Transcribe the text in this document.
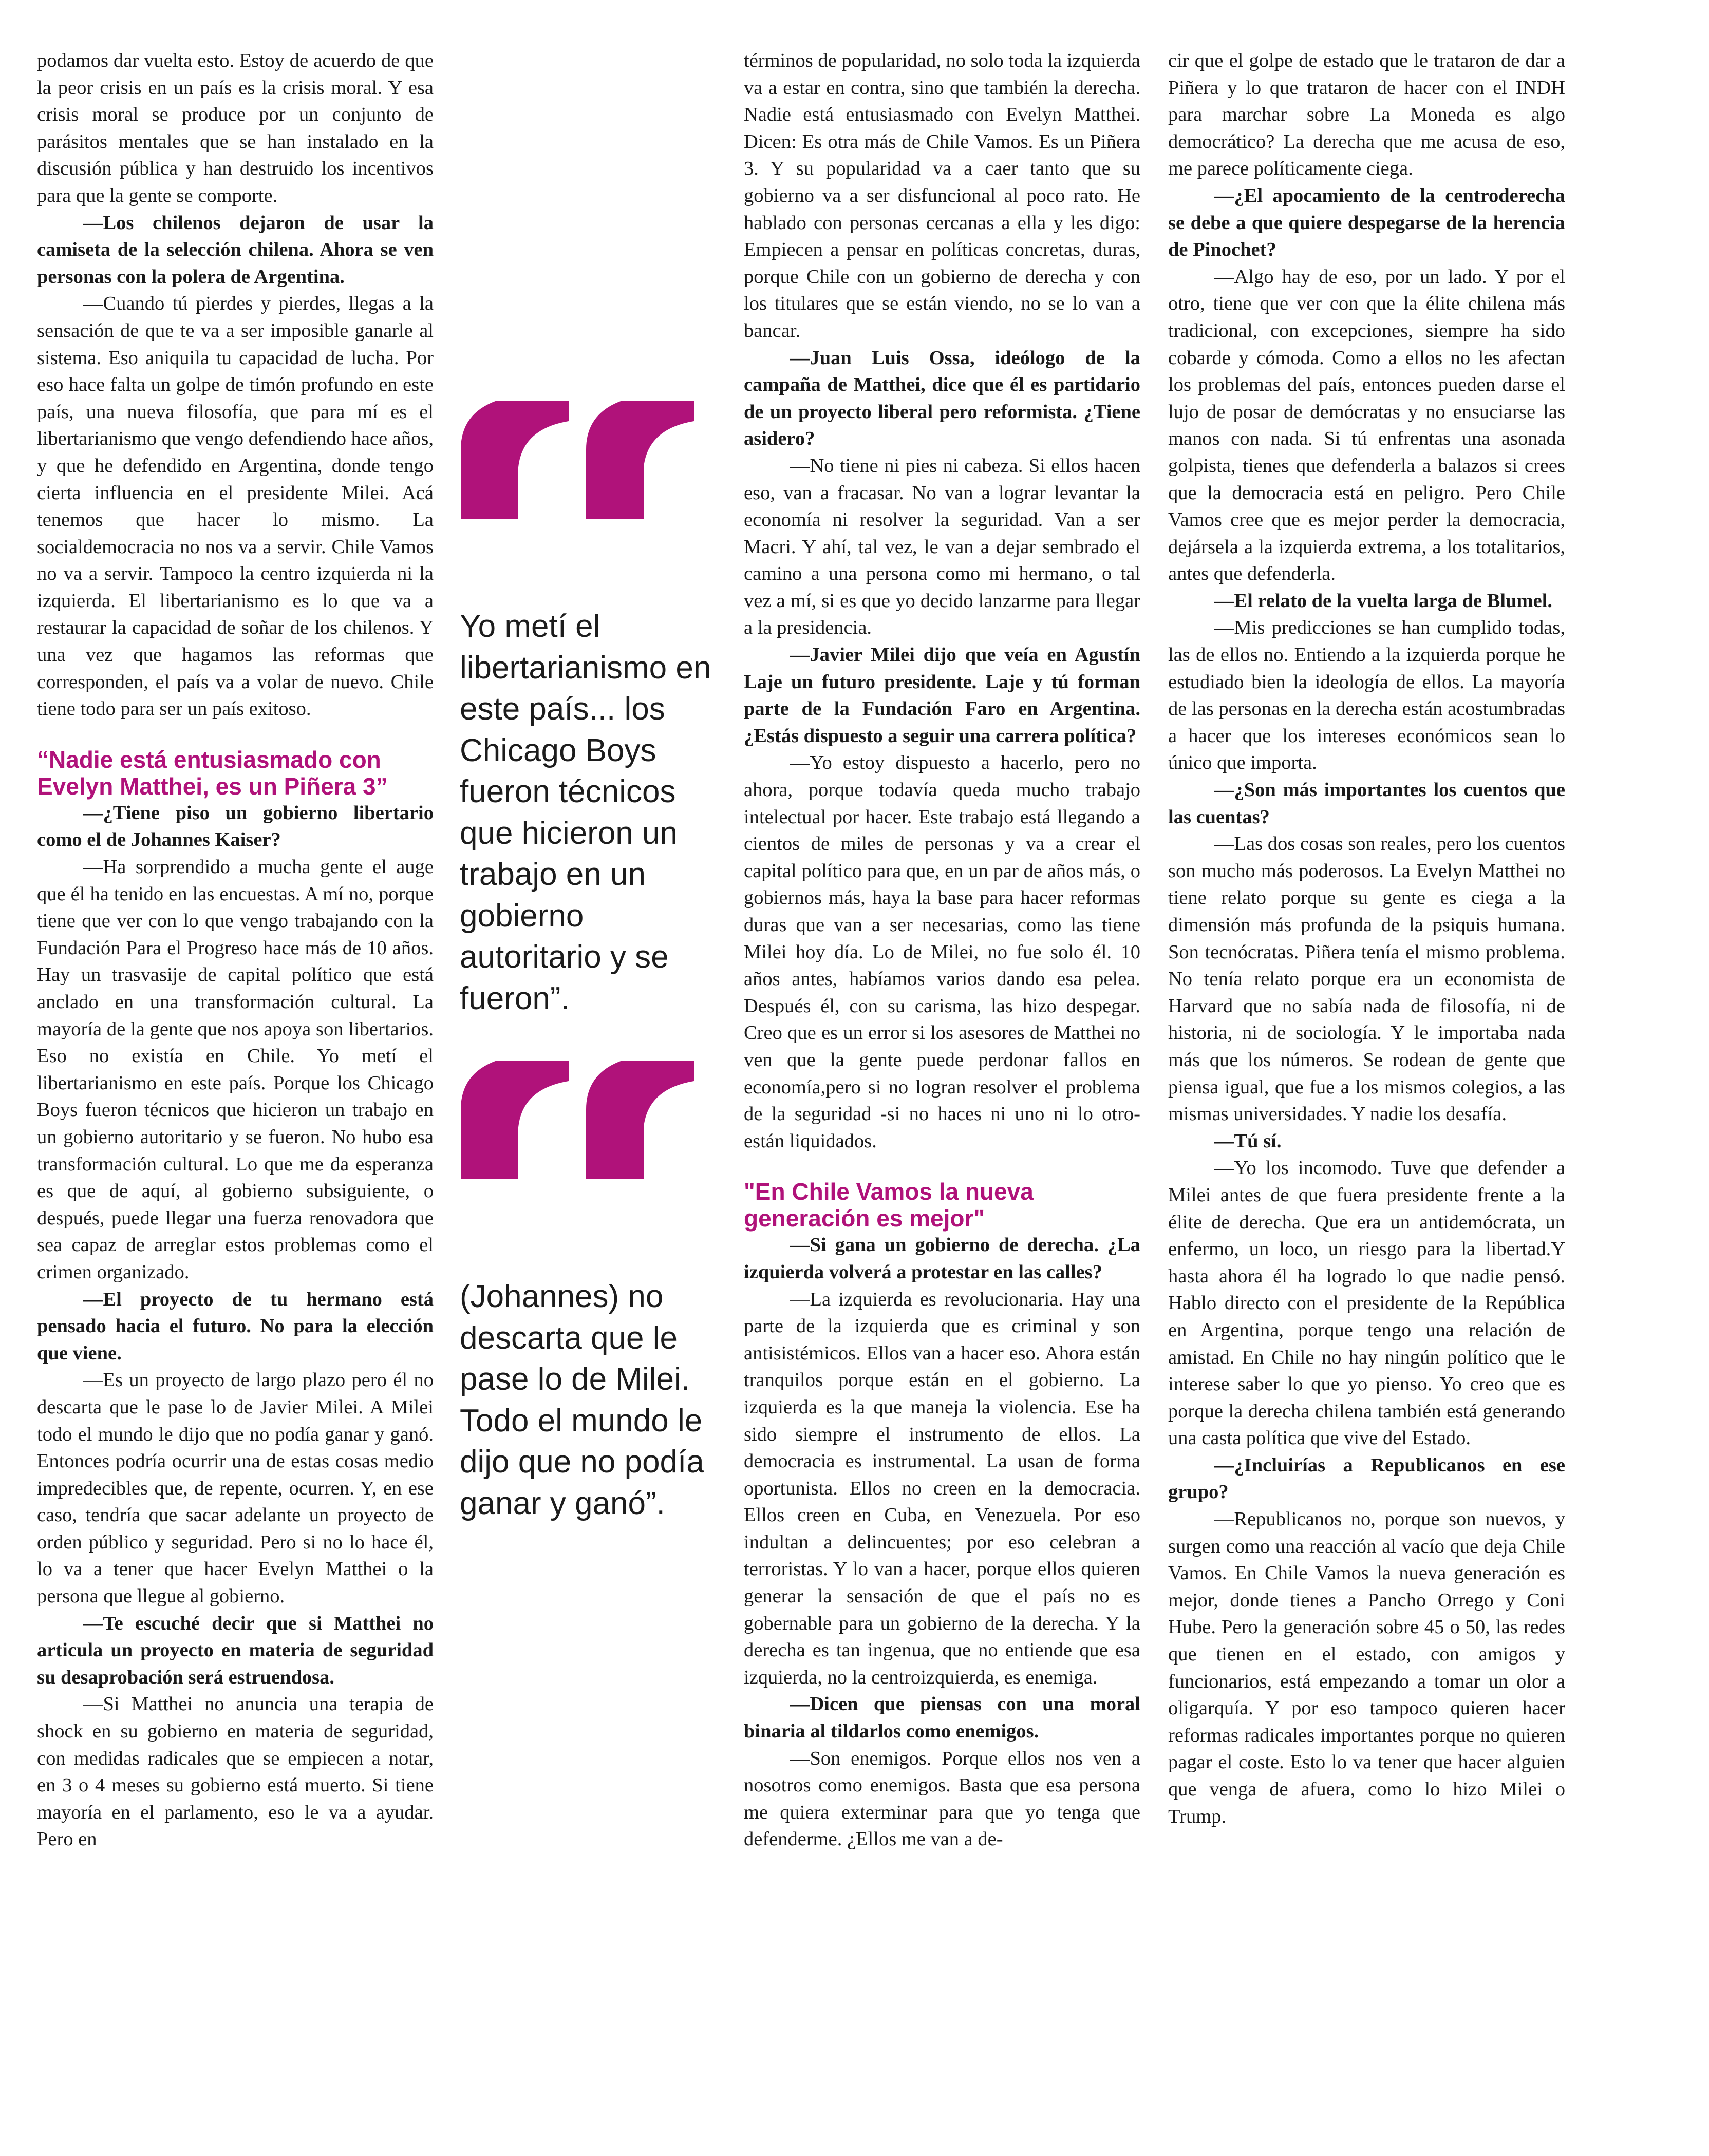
podamos dar vuelta esto. Estoy de acuerdo de que la peor crisis en un país es la crisis moral. Y esa crisis moral se produce por un conjunto de parásitos mentales que se han instalado en la discusión pública y han destruido los incentivos para que la gente se comporte.

—Los chilenos dejaron de usar la camiseta de la selección chilena. Ahora se ven personas con la polera de Argentina.

—Cuando tú pierdes y pierdes, llegas a la sensación de que te va a ser imposible ganarle al sistema. Eso aniquila tu capacidad de lucha. Por eso hace falta un golpe de timón profundo en este país, una nueva filosofía, que para mí es el libertarianismo que vengo defendiendo hace años, y que he defendido en Argentina, donde tengo cierta influencia en el presidente Milei. Acá tenemos que hacer lo mismo. La socialdemocracia no nos va a servir. Chile Vamos no va a servir. Tampoco la centro izquierda ni la izquierda. El libertarianismo es lo que va a restaurar la capacidad de soñar de los chilenos. Y una vez que hagamos las reformas que corresponden, el país va a volar de nuevo. Chile tiene todo para ser un país exitoso.

“Nadie está entusiasmado con Evelyn Matthei, es un Piñera 3”

—¿Tiene piso un gobierno libertario como el de Johannes Kaiser?

—Ha sorprendido a mucha gente el auge que él ha tenido en las encuestas. A mí no, porque tiene que ver con lo que vengo trabajando con la Fundación Para el Progreso hace más de 10 años. Hay un trasvasije de capital político que está anclado en una transformación cultural. La mayoría de la gente que nos apoya son libertarios. Eso no existía en Chile. Yo metí el libertarianismo en este país. Porque los Chicago Boys fueron técnicos que hicieron un trabajo en un gobierno autoritario y se fueron. No hubo esa transformación cultural. Lo que me da esperanza es que de aquí, al gobierno subsiguiente, o después, puede llegar una fuerza renovadora que sea capaz de arreglar estos problemas como el crimen organizado.

—El proyecto de tu hermano está pensado hacia el futuro. No para la elección que viene.

—Es un proyecto de largo plazo pero él no descarta que le pase lo de Javier Milei. A Milei todo el mundo le dijo que no podía ganar y ganó. Entonces podría ocurrir una de estas cosas medio impredecibles que, de repente, ocurren. Y, en ese caso, tendría que sacar adelante un proyecto de orden público y seguridad. Pero si no lo hace él, lo va a tener que hacer Evelyn Matthei o la persona que llegue al gobierno.

—Te escuché decir que si Matthei no articula un proyecto en materia de seguridad su desaprobación será estruendosa.

—Si Matthei no anuncia una terapia de shock en su gobierno en materia de seguridad, con medidas radicales que se empiecen a notar, en 3 o 4 meses su gobierno está muerto. Si tiene mayoría en el parlamento, eso le va a ayudar. Pero en

Yo metí el libertarianismo en este país... los Chicago Boys fueron técnicos que hicieron un trabajo en un gobierno autoritario y se fueron”.

(Johannes) no descarta que le pase lo de Milei. Todo el mundo le dijo que no podía ganar y ganó”.

términos de popularidad, no solo toda la izquierda va a estar en contra, sino que también la derecha. Nadie está entusiasmado con Evelyn Matthei. Dicen: Es otra más de Chile Vamos. Es un Piñera 3. Y su popularidad va a caer tanto que su gobierno va a ser disfuncional al poco rato. He hablado con personas cercanas a ella y les digo: Empiecen a pensar en políticas concretas, duras, porque Chile con un gobierno de derecha y con los titulares que se están viendo, no se lo van a bancar.

—Juan Luis Ossa, ideólogo de la campaña de Matthei, dice que él es partidario de un proyecto liberal pero reformista. ¿Tiene asidero?

—No tiene ni pies ni cabeza. Si ellos hacen eso, van a fracasar. No van a lograr levantar la economía ni resolver la seguridad. Van a ser Macri. Y ahí, tal vez, le van a dejar sembrado el camino a una persona como mi hermano, o tal vez a mí, si es que yo decido lanzarme para llegar a la presidencia.

—Javier Milei dijo que veía en Agustín Laje un futuro presidente. Laje y tú forman parte de la Fundación Faro en Argentina. ¿Estás dispuesto a seguir una carrera política?

—Yo estoy dispuesto a hacerlo, pero no ahora, porque todavía queda mucho trabajo intelectual por hacer. Este trabajo está llegando a cientos de miles de personas y va a crear el capital político para que, en un par de años más, o gobiernos más, haya la base para hacer reformas duras que van a ser necesarias, como las tiene Milei hoy día. Lo de Milei, no fue solo él. 10 años antes, habíamos varios dando esa pelea. Después él, con su carisma, las hizo despegar. Creo que es un error si los asesores de Matthei no ven que la gente puede perdonar fallos en economía,pero si no logran resolver el problema de la seguridad -si no haces ni uno ni lo otro- están liquidados.

"En Chile Vamos la nueva generación es mejor"

—Si gana un gobierno de derecha. ¿La izquierda volverá a protestar en las calles?

—La izquierda es revolucionaria. Hay una parte de la izquierda que es criminal y son antisistémicos. Ellos van a hacer eso. Ahora están tranquilos porque están en el gobierno. La izquierda es la que maneja la violencia. Ese ha sido siempre el instrumento de ellos. La democracia es instrumental. La usan de forma oportunista. Ellos no creen en la democracia. Ellos creen en Cuba, en Venezuela. Por eso indultan a delincuentes; por eso celebran a terroristas. Y lo van a hacer, porque ellos quieren generar la sensación de que el país no es gobernable para un gobierno de la derecha. Y la derecha es tan ingenua, que no entiende que esa izquierda, no la centroizquierda, es enemiga.

—Dicen que piensas con una moral binaria al tildarlos como enemigos.

—Son enemigos. Porque ellos nos ven a nosotros como enemigos. Basta que esa persona me quiera exterminar para que yo tenga que defenderme. ¿Ellos me van a de-

cir que el golpe de estado que le trataron de dar a Piñera y lo que trataron de hacer con el INDH para marchar sobre La Moneda es algo democrático? La derecha que me acusa de eso, me parece políticamente ciega.

—¿El apocamiento de la centroderecha se debe a que quiere despegarse de la herencia de Pinochet?

—Algo hay de eso, por un lado. Y por el otro, tiene que ver con que la élite chilena más tradicional, con excepciones, siempre ha sido cobarde y cómoda. Como a ellos no les afectan los problemas del país, entonces pueden darse el lujo de posar de demócratas y no ensuciarse las manos con nada. Si tú enfrentas una asonada golpista, tienes que defenderla a balazos si crees que la democracia está en peligro. Pero Chile Vamos cree que es mejor perder la democracia, dejársela a la izquierda extrema, a los totalitarios, antes que defenderla.

—El relato de la vuelta larga de Blumel.

—Mis predicciones se han cumplido todas, las de ellos no. Entiendo a la izquierda porque he estudiado bien la ideología de ellos. La mayoría de las personas en la derecha están acostumbradas a hacer que los intereses económicos sean lo único que importa.

—¿Son más importantes los cuentos que las cuentas?

—Las dos cosas son reales, pero los cuentos son mucho más poderosos. La Evelyn Matthei no tiene relato porque su gente es ciega a la dimensión más profunda de la psiquis humana. Son tecnócratas. Piñera tenía el mismo problema. No tenía relato porque era un economista de Harvard que no sabía nada de filosofía, ni de historia, ni de sociología. Y le importaba nada más que los números. Se rodean de gente que piensa igual, que fue a los mismos colegios, a las mismas universidades. Y nadie los desafía.

—Tú sí.

—Yo los incomodo. Tuve que defender a Milei antes de que fuera presidente frente a la élite de derecha. Que era un antidemócrata, un enfermo, un loco, un riesgo para la libertad.Y hasta ahora él ha logrado lo que nadie pensó. Hablo directo con el presidente de la República en Argentina, porque tengo una relación de amistad. En Chile no hay ningún político que le interese saber lo que yo pienso. Yo creo que es porque la derecha chilena también está generando una casta política que vive del Estado.

—¿Incluirías a Republicanos en ese grupo?

—Republicanos no, porque son nuevos, y surgen como una reacción al vacío que deja Chile Vamos. En Chile Vamos la nueva generación es mejor, donde tienes a Pancho Orrego y Coni Hube. Pero la generación sobre 45 o 50, las redes que tienen en el estado, con amigos y funcionarios, está empezando a tomar un olor a oligarquía. Y por eso tampoco quieren hacer reformas radicales importantes porque no quieren pagar el coste. Esto lo va tener que hacer alguien que venga de afuera, como lo hizo Milei o Trump.
